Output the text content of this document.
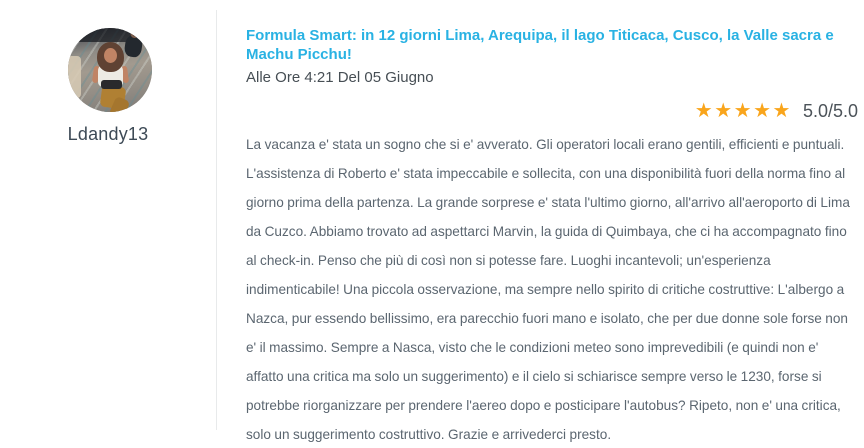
Ldandy13
Formula Smart: in 12 giorni Lima, Arequipa, il lago Titicaca, Cusco, la Valle sacra e Machu Picchu!
Alle Ore 4:21 Del 05 Giugno
★★★★★ 5.0/5.0

La vacanza e' stata un sogno che si e' avverato. Gli operatori locali erano gentili, efficienti e puntuali. L'assistenza di Roberto e' stata impeccabile e sollecita, con una disponibilità fuori della norma fino al giorno prima della partenza. La grande sorprese e' stata l'ultimo giorno, all'arrivo all'aeroporto di Lima da Cuzco. Abbiamo trovato ad aspettarci Marvin, la guida di Quimbaya, che ci ha accompagnato fino al check-in. Penso che più di così non si potesse fare. Luoghi incantevoli; un'esperienza indimenticabile! Una piccola osservazione, ma sempre nello spirito di critiche costruttive: L'albergo a Nazca, pur essendo bellissimo, era parecchio fuori mano e isolato, che per due donne sole forse non e' il massimo. Sempre a Nasca, visto che le condizioni meteo sono imprevedibili (e quindi non e' affatto una critica ma solo un suggerimento) e il cielo si schiarisce sempre verso le 1230, forse si potrebbe riorganizzare per prendere l'aereo dopo e posticipare l'autobus? Ripeto, non e' una critica, solo un suggerimento costruttivo. Grazie e arrivederci presto.
